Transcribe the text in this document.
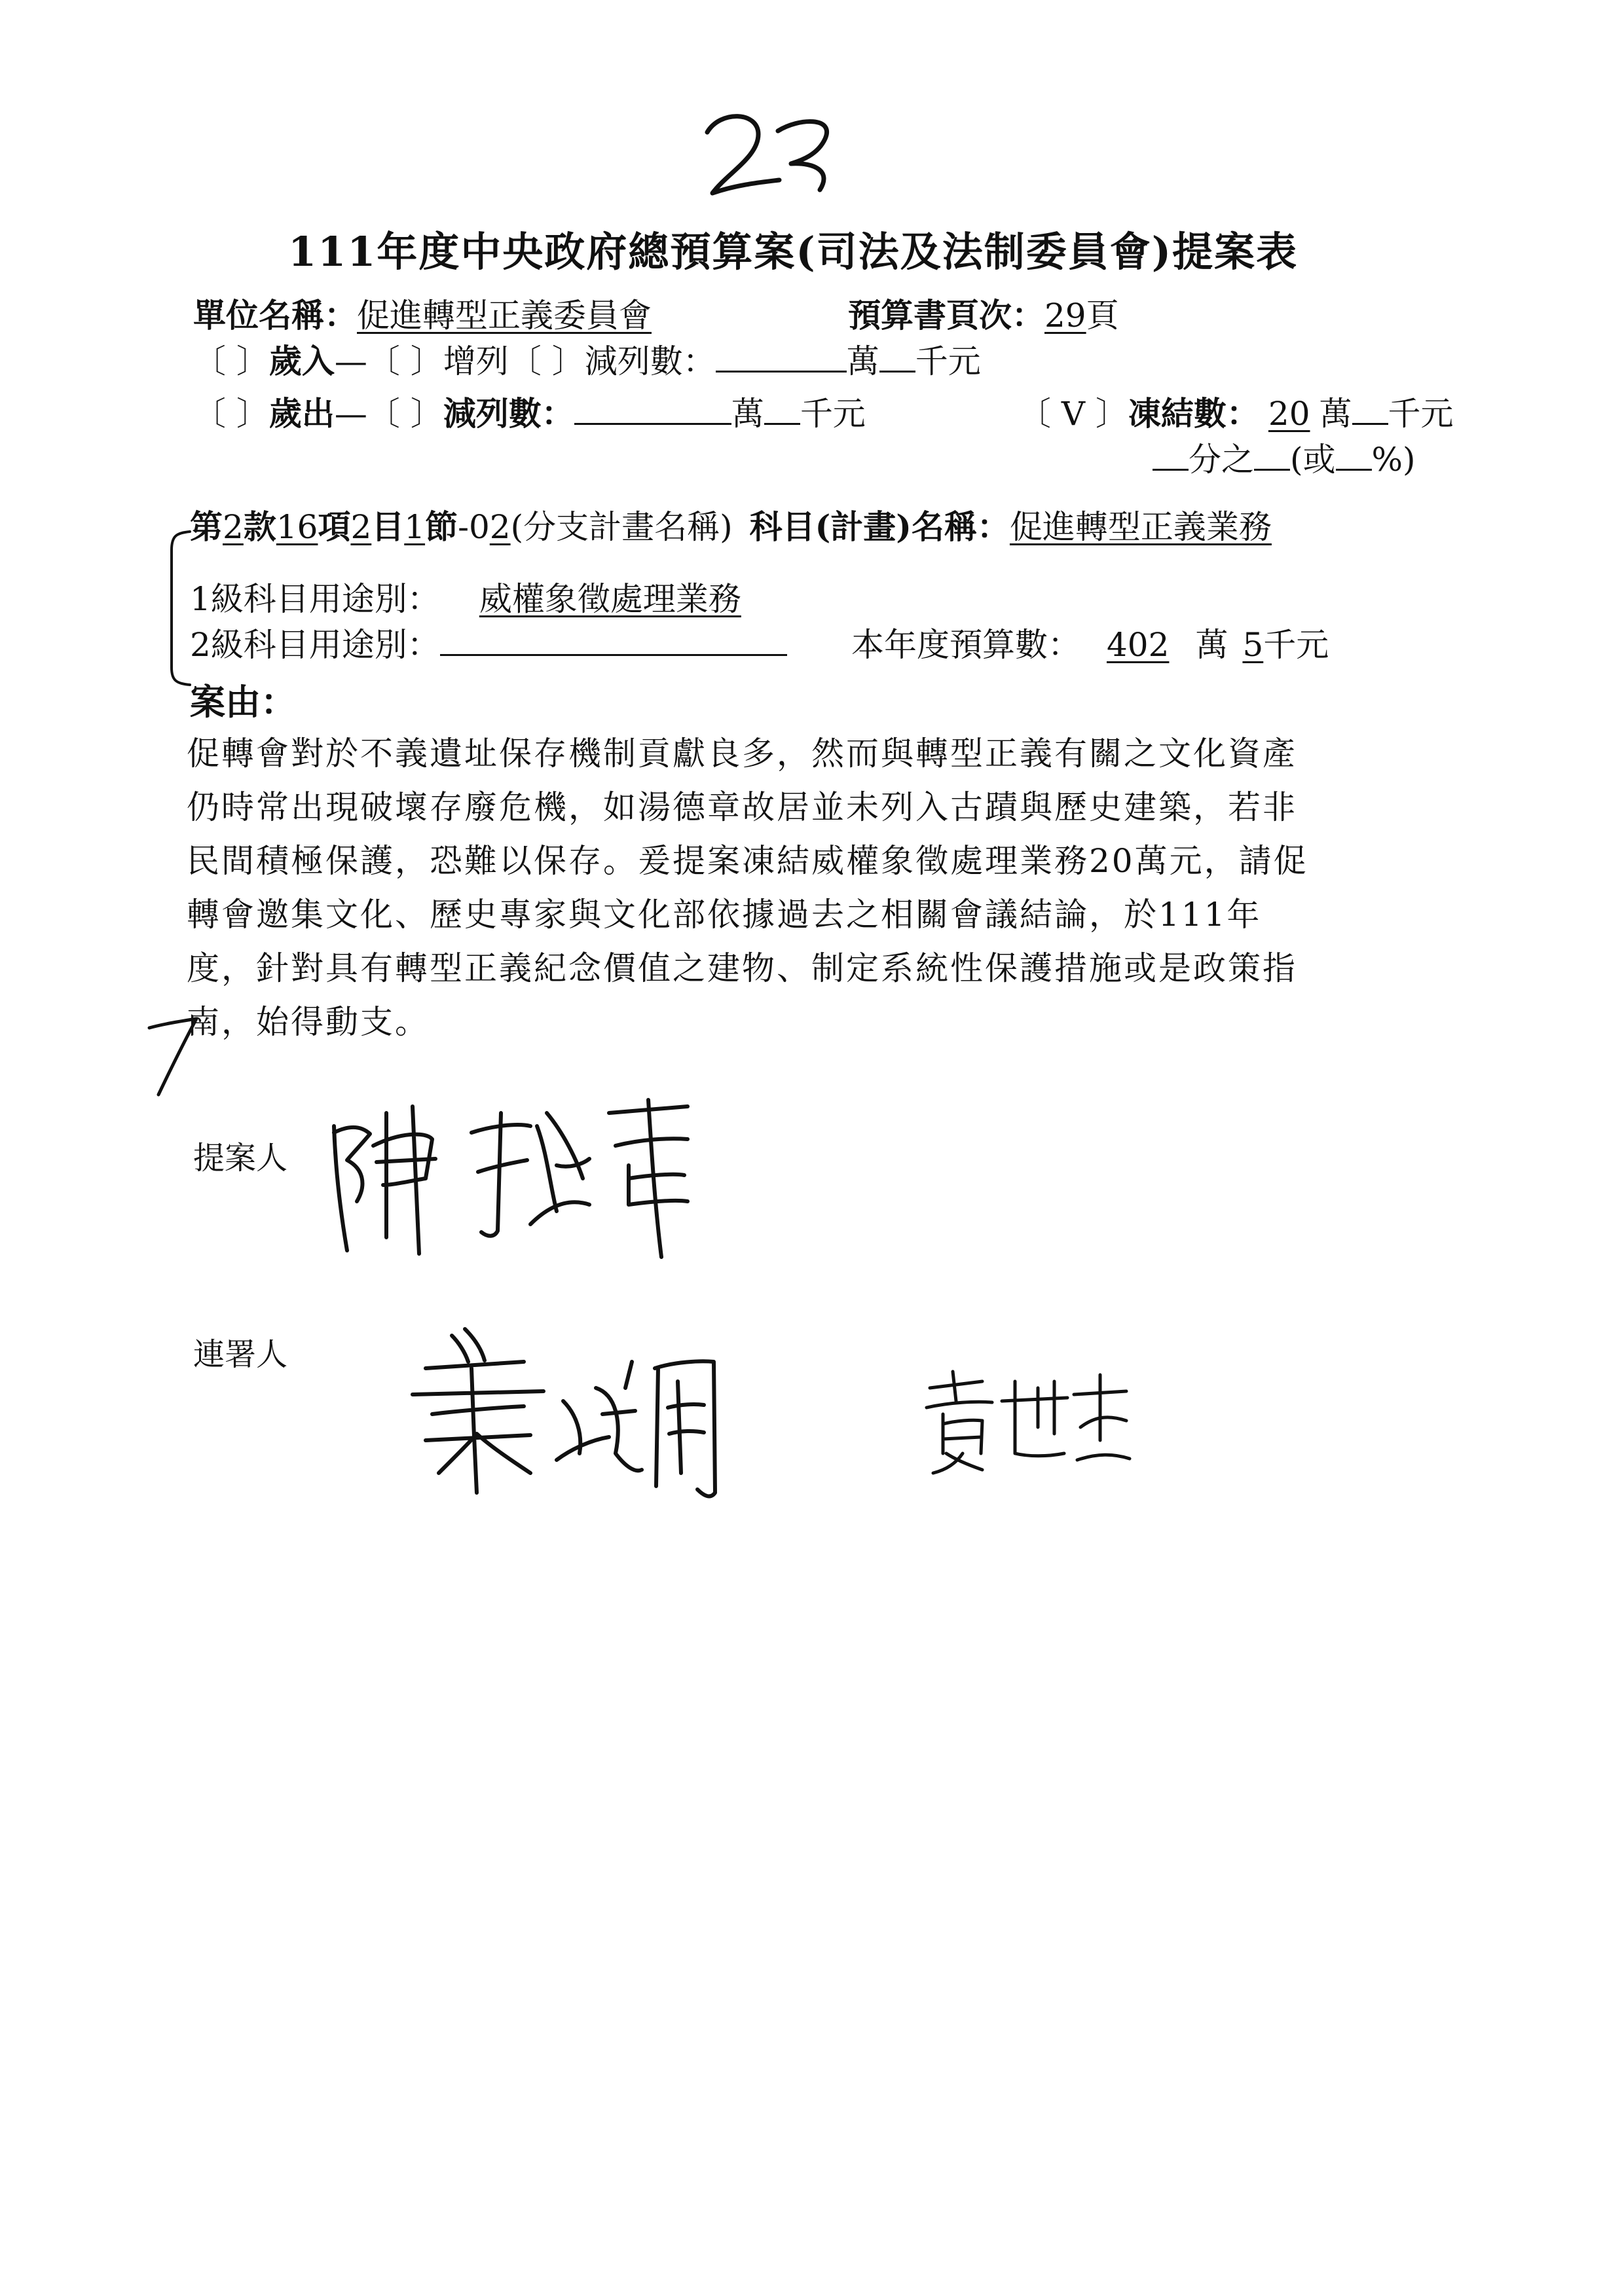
111年度中央政府總預算案(司法及法制委員會)提案表
單位名稱：促進轉型正義委員會	預算書頁次：29頁
〔 〕歲入—〔 〕增列〔 〕減列數：	萬 千元
〔 〕歲出—〔 〕減列數：	萬 千元	〔 V 〕凍結數： 20 萬 千元
分之 (或 %)
第2款16項2目1節-02(分支計畫名稱) 科目(計畫)名稱：促進轉型正義業務
1級科目用途別： 威權象徵處理業務
2級科目用途別：	本年度預算數： 402 萬 5千元
案由：

促轉會對於不義遺址保存機制貢獻良多，然而與轉型正義有關之文化資產

仍時常出現破壞存廢危機，如湯德章故居並未列入古蹟與歷史建築，若非

民間積極保護，恐難以保存。爰提案凍結威權象徵處理業務20萬元，請促

轉會邀集文化、歷史專家與文化部依據過去之相關會議結論，於111年

度，針對具有轉型正義紀念價值之建物、制定系統性保護措施或是政策指

南，始得動支。

提案人
連署人
